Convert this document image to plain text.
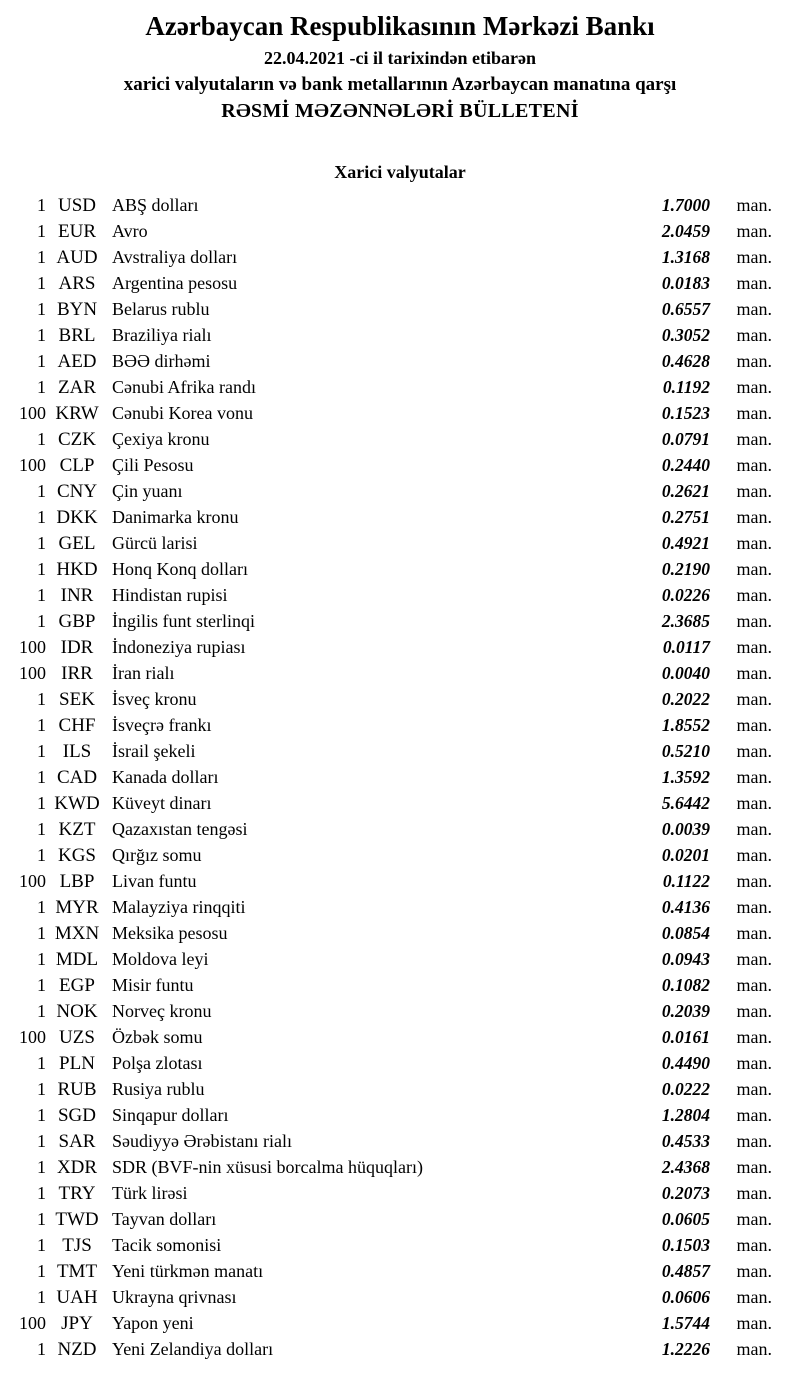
Azərbaycan Respublikasının Mərkəzi Bankı
22.04.2021 -ci il tarixindən etibarən
xarici valyutaların və bank metallarının Azərbaycan manatına qarşı
RƏSMİ MƏZƏNNƏLƏRİ BÜLLETENİ
Xarici valyutalar
1 USD ABŞ dolları	1.7000	man.
1 EUR Avro	2.0459	man.
1 AUD Avstraliya dolları	1.3168	man.
1 ARS Argentina pesosu	0.0183	man.
1 BYN Belarus rublu	0.6557	man.
1 BRL Braziliya rialı	0.3052	man.
1 AED BƏƏ dirhəmi	0.4628	man.
1 ZAR Cənubi Afrika randı	0.1192	man.
100 KRW Cənubi Korea vonu	0.1523	man.
1 CZK Çexiya kronu	0.0791	man.
100 CLP Çili Pesosu	0.2440	man.
1 CNY Çin yuanı	0.2621	man.
1 DKK Danimarka kronu	0.2751	man.
1 GEL Gürcü larisi	0.4921	man.
1 HKD Honq Konq dolları	0.2190	man.
1 INR	Hindistan rupisi	0.0226	man.
1 GBP İngilis funt sterlinqi	2.3685	man.
100 IDR	İndoneziya rupiası	0.0117	man.
100 IRR	İran rialı	0.0040	man.
1 SEK İsveç kronu	0.2022	man.
1 CHF İsveçrə frankı	1.8552	man.
1 ILS	İsrail şekeli	0.5210	man.
1 CAD Kanada dolları	1.3592	man.
1 KWD Küveyt dinarı	5.6442	man.
1 KZT Qazaxıstan tengəsi	0.0039	man.
1 KGS Qırğız somu	0.0201	man.
100 LBP Livan funtu	0.1122	man.
1 MYR Malayziya rinqqiti	0.4136	man.
1 MXN Meksika pesosu	0.0854	man.
1 MDL Moldova leyi	0.0943	man.
1 EGP Misir funtu	0.1082	man.
1 NOK Norveç kronu	0.2039	man.
100 UZS Özbək somu	0.0161	man.
1 PLN Polşa zlotası	0.4490	man.
1 RUB Rusiya rublu	0.0222	man.
1 SGD Sinqapur dolları	1.2804	man.
1 SAR Səudiyyə Ərəbistanı rialı	0.4533	man.
1 XDR SDR (BVF-nin xüsusi borcalma hüquqları)	2.4368	man.
1 TRY Türk lirəsi	0.2073	man.
1 TWD Tayvan dolları	0.0605	man.
1 TJS	Tacik somonisi	0.1503	man.
1 TMT Yeni türkmən manatı	0.4857	man.
1 UAH Ukrayna qrivnası	0.0606	man.
100 JPY	Yapon yeni	1.5744	man.
1 NZD Yeni Zelandiya dolları	1.2226	man.
